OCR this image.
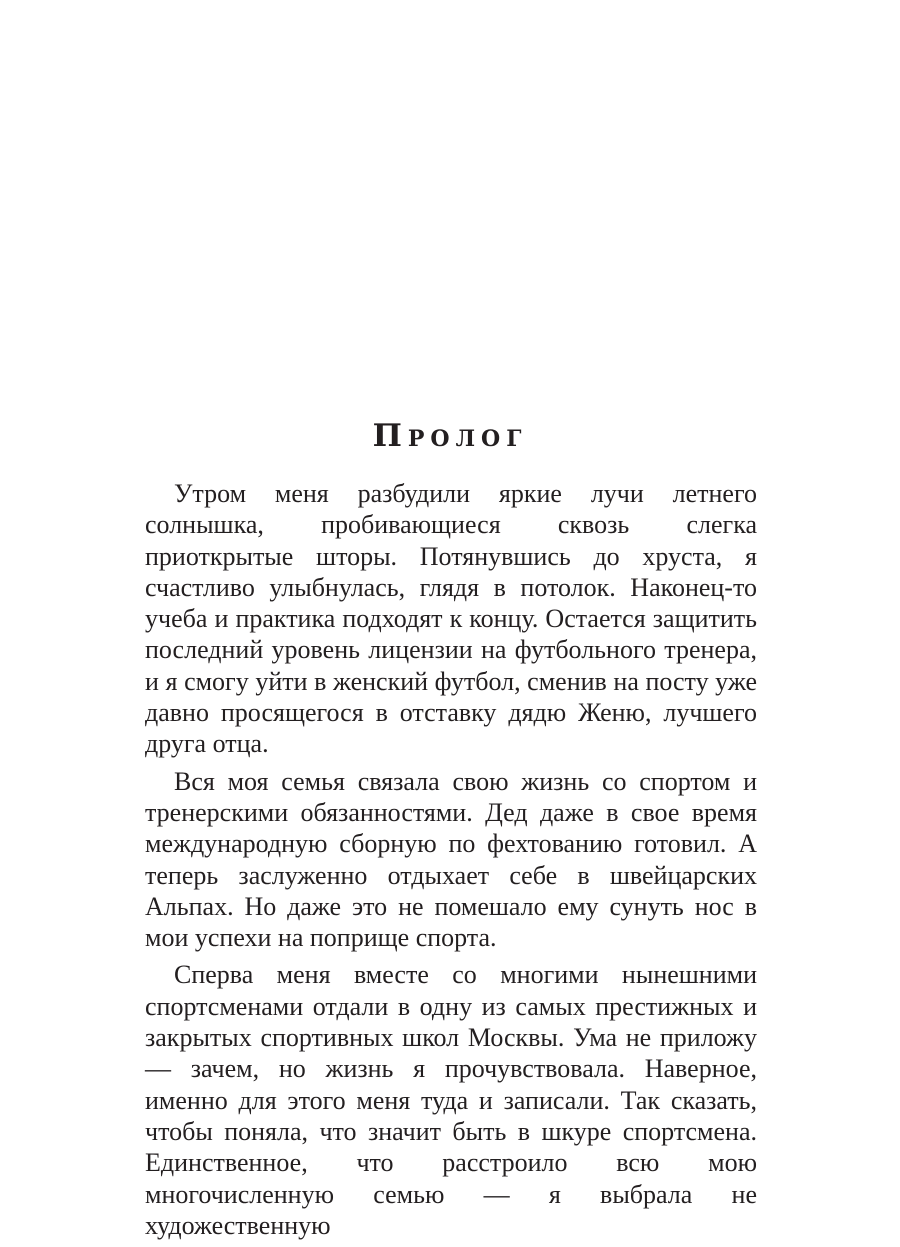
Пролог

Утром меня разбудили яркие лучи летнего солнышка, пробивающиеся сквозь слегка приоткрытые шторы. Потянувшись до хруста, я счастливо улыбнулась, глядя в потолок. Наконец-то учеба и практика подходят к концу. Остается защитить последний уровень лицензии на футбольного тренера, и я смогу уйти в женский футбол, сменив на посту уже давно просящегося в отставку дядю Женю, лучшего друга отца.

Вся моя семья связала свою жизнь со спортом и тренерскими обязанностями. Дед даже в свое время международную сборную по фехтованию готовил. А теперь заслуженно отдыхает себе в швейцарских Альпах. Но даже это не помешало ему сунуть нос в мои успехи на поприще спорта.

Сперва меня вместе со многими нынешними спортсменами отдали в одну из самых престижных и закрытых спортивных школ Москвы. Ума не приложу — зачем, но жизнь я прочувствовала. Наверное, именно для этого меня туда и записали. Так сказать, чтобы поняла, что значит быть в шкуре спортсмена. Единственное, что расстроило всю мою многочисленную семью — я выбрала не художественную
